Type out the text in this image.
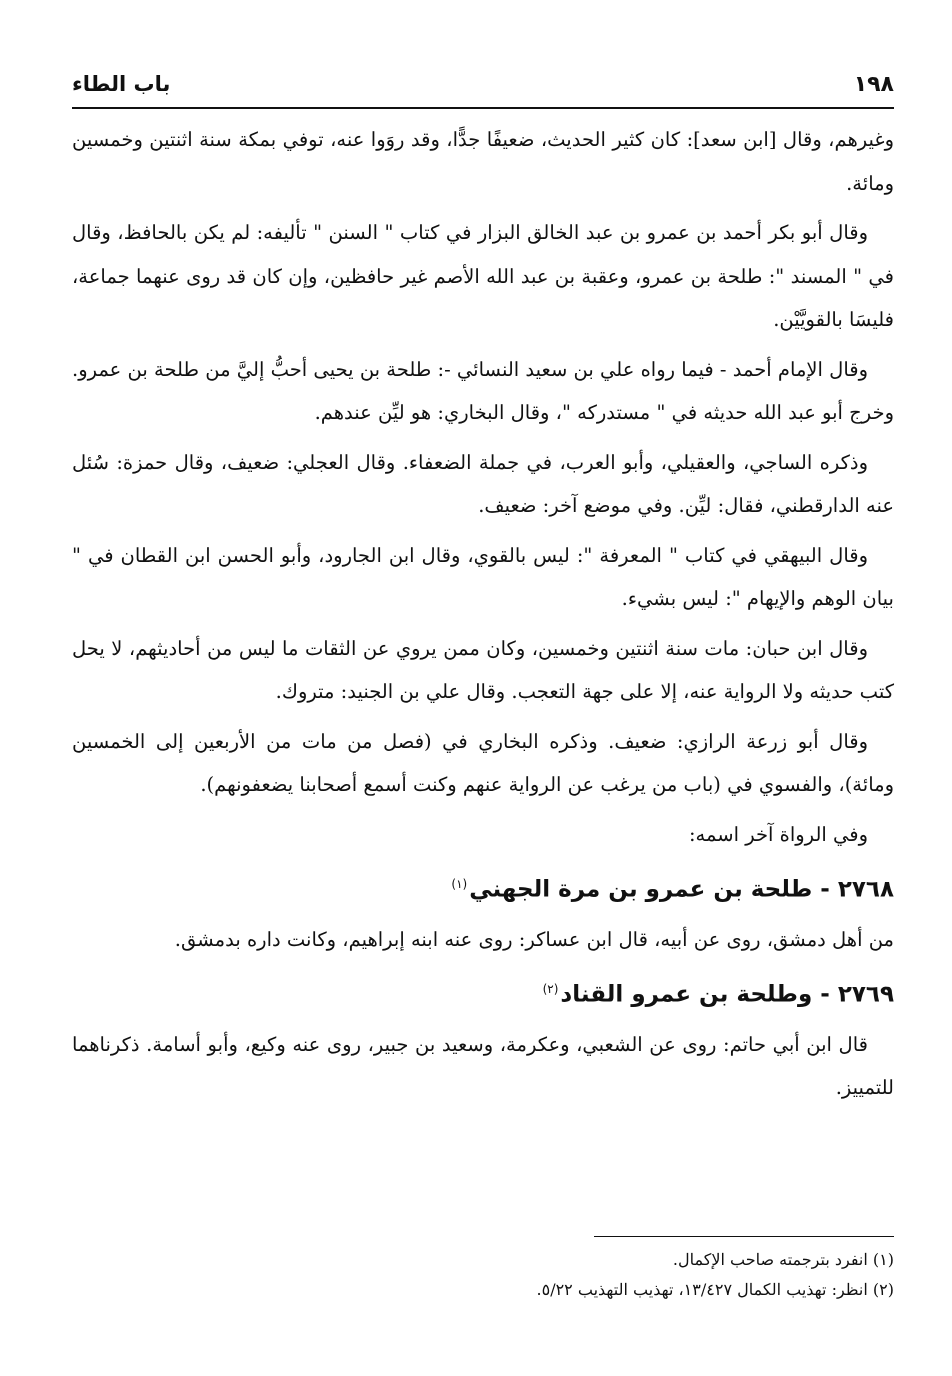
١٩٨
باب الطاء

وغيرهم، وقال [ابن سعد]: كان كثير الحديث، ضعيفًا جدًّا، وقد روَوا عنه، توفي بمكة سنة اثنتين وخمسين ومائة.

وقال أبو بكر أحمد بن عمرو بن عبد الخالق البزار في كتاب " السنن " تأليفه: لم يكن بالحافظ، وقال في " المسند ": طلحة بن عمرو، وعقبة بن عبد الله الأصم غير حافظين، وإن كان قد روى عنهما جماعة، فليسَا بالقويَّيْن.

وقال الإمام أحمد - فيما رواه علي بن سعيد النسائي -: طلحة بن يحيى أحبُّ إليَّ من طلحة بن عمرو. وخرج أبو عبد الله حديثه في " مستدركه "، وقال البخاري: هو ليِّن عندهم.

وذكره الساجي، والعقيلي، وأبو العرب، في جملة الضعفاء. وقال العجلي: ضعيف، وقال حمزة: سُئل عنه الدارقطني، فقال: ليِّن. وفي موضع آخر: ضعيف.

وقال البيهقي في كتاب " المعرفة ": ليس بالقوي، وقال ابن الجارود، وأبو الحسن ابن القطان في " بيان الوهم والإيهام ": ليس بشيء.

وقال ابن حبان: مات سنة اثنتين وخمسين، وكان ممن يروي عن الثقات ما ليس من أحاديثهم، لا يحل كتب حديثه ولا الرواية عنه، إلا على جهة التعجب. وقال علي بن الجنيد: متروك.

وقال أبو زرعة الرازي: ضعيف. وذكره البخاري في (فصل من مات من الأربعين إلى الخمسين ومائة)، والفسوي في (باب من يرغب عن الرواية عنهم وكنت أسمع أصحابنا يضعفونهم).

وفي الرواة آخر اسمه:

٢٧٦٨ - طلحة بن عمرو بن مرة الجهني$^{(١)}$

من أهل دمشق، روى عن أبيه، قال ابن عساكر: روى عنه ابنه إبراهيم، وكانت داره بدمشق.

٢٧٦٩ - وطلحة بن عمرو القناد$^{(٢)}$

قال ابن أبي حاتم: روى عن الشعبي، وعكرمة، وسعيد بن جبير، روى عنه وكيع، وأبو أسامة. ذكرناهما للتمييز.

(١) انفرد بترجمته صاحب الإكمال.
(٢) انظر: تهذيب الكمال ١٣/٤٢٧، تهذيب التهذيب ٥/٢٢.
